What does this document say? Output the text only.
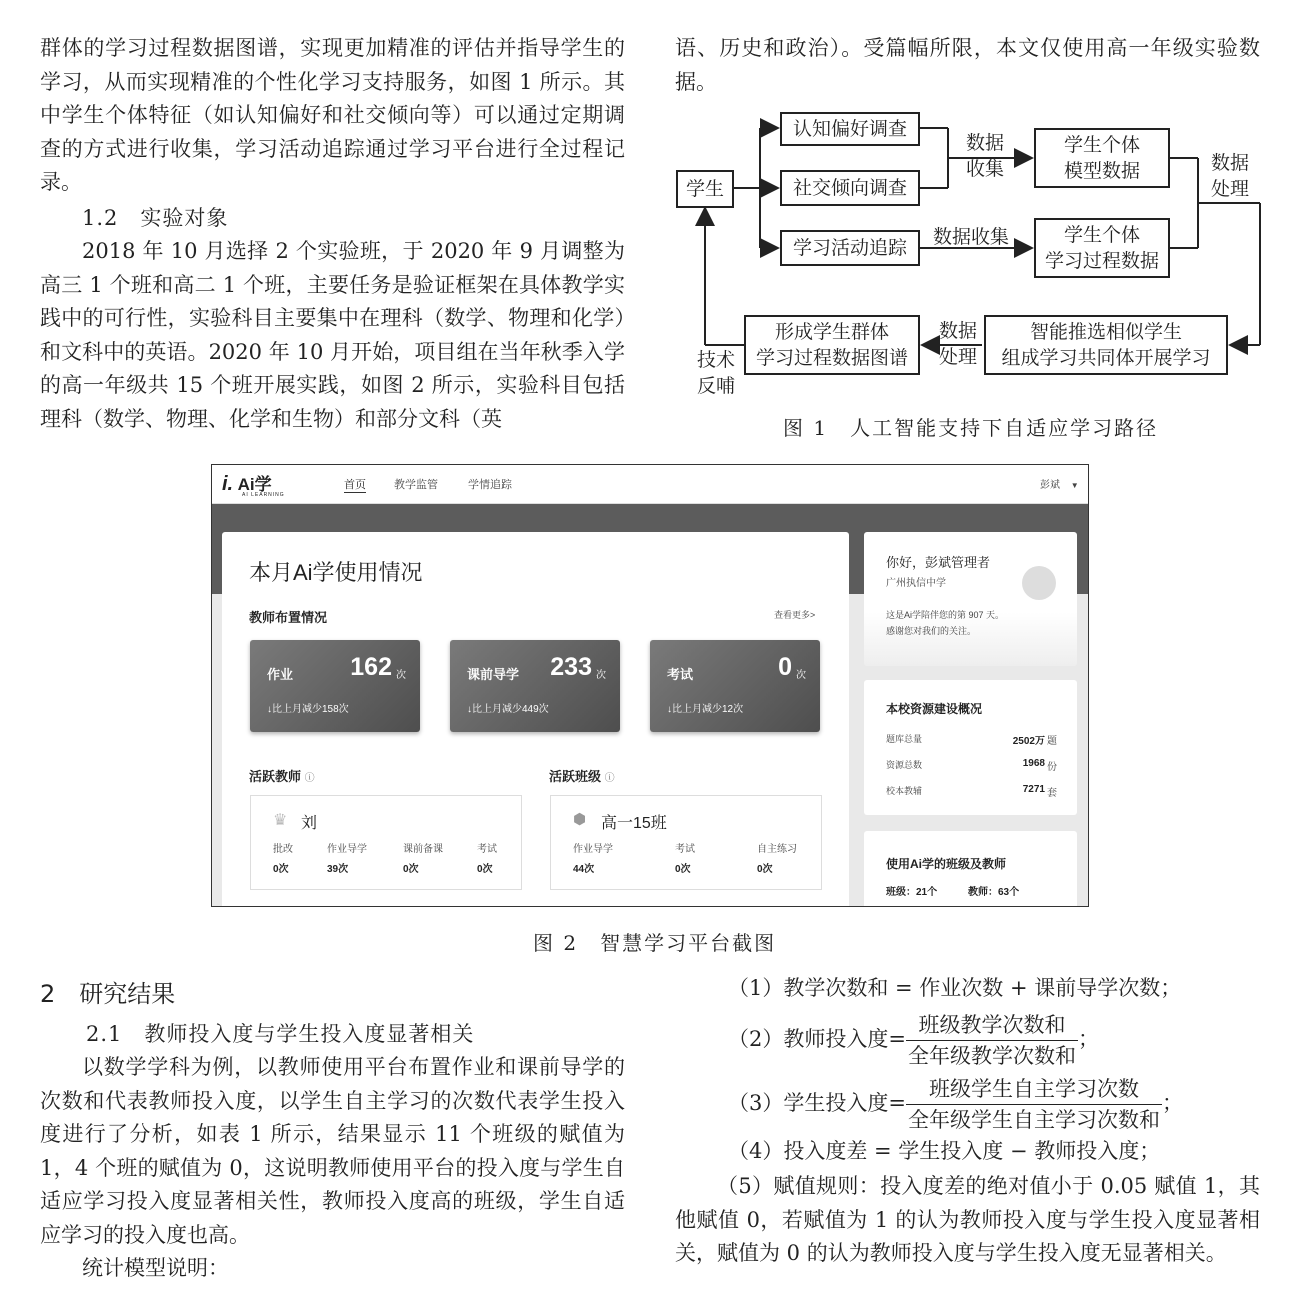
群体的学习过程数据图谱，实现更加精准的评估并指导学生的学习，从而实现精准的个性化学习支持服务，如图 1 所示。其中学生个体特征（如认知偏好和社交倾向等）可以通过定期调查的方式进行收集，学习活动追踪通过学习平台进行全过程记录。

1.2　实验对象

2018 年 10 月选择 2 个实验班，于 2020 年 9 月调整为高三 1 个班和高二 1 个班，主要任务是验证框架在具体教学实践中的可行性，实验科目主要集中在理科（数学、物理和化学）和文科中的英语。2020 年 10 月开始，项目组在当年秋季入学的高一年级共 15 个班开展实践，如图 2 所示，实验科目包括理科（数学、物理、化学和生物）和部分文科（英

语、历史和政治）。受篇幅所限，本文仅使用高一年级实验数据。

学生
认知偏好调查
社交倾向调查
学习活动追踪
数据
收集
数据收集
学生个体
模型数据
学生个体
学习过程数据
数据
处理
智能推选相似学生
组成学习共同体开展学习
数据
处理
形成学生群体
学习过程数据图谱
技术
反哺
图 1　人工智能支持下自适应学习路径
i. Ai学
AI LEARNING
首页	教学监管	学情追踪	彭斌 ▼
本月Ai学使用情况
教师布置情况	查看更多>
作业 162 次
↓比上月减少158次
课前导学 233 次
↓比上月减少449次
考试	0 次
↓比上月减少12次
活跃教师 ⓘ	活跃班级 ⓘ
♛ 刘
批改	作业导学	课前备课	考试
0次	39次	0次	0次
⬢ 高一15班
作业导学	考试	自主练习
44次	0次	0次
你好，彭斌管理者
广州执信中学
这是Ai学陪伴您的第 907 天。
感谢您对我们的关注。
本校资源建设概况
题库总量	2502万 题
资源总数	1968 份
校本教辅	7271 套
使用Ai学的班级及教师
班级：21个	教师：63个
图 2　智慧学习平台截图

2　研究结果

2.1　教师投入度与学生投入度显著相关

以数学学科为例，以教师使用平台布置作业和课前导学的次数和代表教师投入度，以学生自主学习的次数代表学生投入度进行了分析，如表 1 所示，结果显示 11 个班级的赋值为 1，4 个班的赋值为 0，这说明教师使用平台的投入度与学生自适应学习投入度显著相关性，教师投入度高的班级，学生自适应学习的投入度也高。

统计模型说明：

（1）教学次数和 = 作业次数 + 课前导学次数；
（2）教师投入度= $\frac{\text{班级教学次数和}}{\text{全年级教学次数和}}$ ；
（3）学生投入度= $\frac{\text{班级学生自主学习次数}}{\text{全年级学生自主学习次数和}}$ ；
（4）投入度差 = 学生投入度 − 教师投入度；

（5）赋值规则：投入度差的绝对值小于 0.05 赋值 1，其他赋值 0，若赋值为 1 的认为教师投入度与学生投入度显著相关，赋值为 0 的认为教师投入度与学生投入度无显著相关。
